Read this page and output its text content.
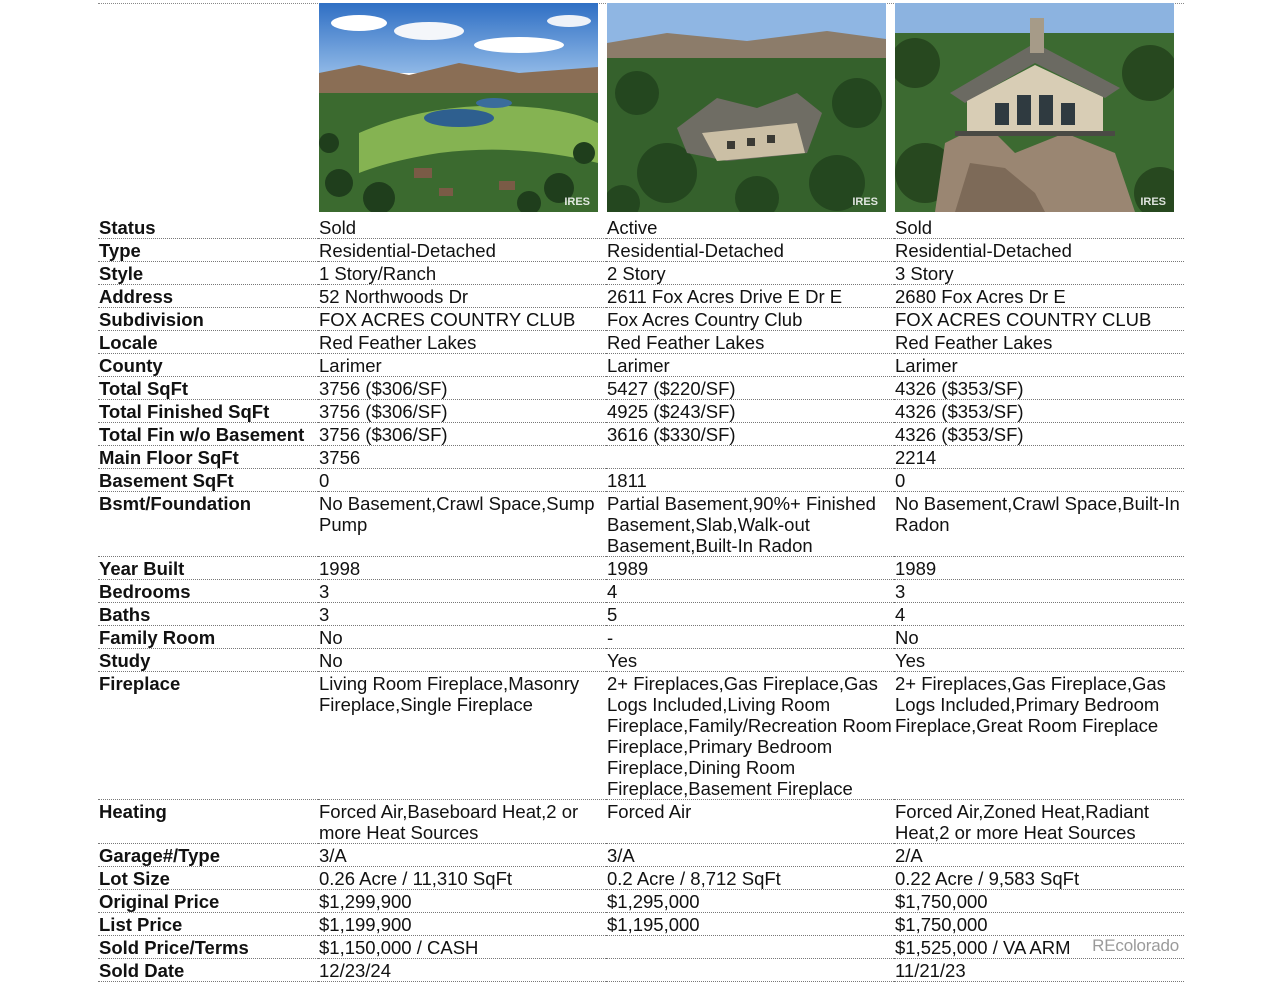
IRES	IRES	IRES
Status	Sold	Active	Sold
Type	Residential-Detached	Residential-Detached	Residential-Detached
Style	1 Story/Ranch	2 Story	3 Story
Address	52 Northwoods Dr	2611 Fox Acres Drive E Dr E	2680 Fox Acres Dr E
Subdivision	FOX ACRES COUNTRY CLUB	Fox Acres Country Club	FOX ACRES COUNTRY CLUB
Locale	Red Feather Lakes	Red Feather Lakes	Red Feather Lakes
County	Larimer	Larimer	Larimer
Total SqFt	3756 ($306/SF)	5427 ($220/SF)	4326 ($353/SF)
Total Finished SqFt	3756 ($306/SF)	4925 ($243/SF)	4326 ($353/SF)
Total Fin w/o Basement	3756 ($306/SF)	3616 ($330/SF)	4326 ($353/SF)
Main Floor SqFt	3756		2214
Basement SqFt	0	1811	0
Bsmt/Foundation	No Basement,Crawl Space,Sump Pump	Partial Basement,90%+ Finished Basement,Slab,Walk-out Basement,Built-In Radon	No Basement,Crawl Space,Built-In Radon
Year Built	1998	1989	1989
Bedrooms	3	4	3
Baths	3	5	4
Family Room	No	-	No
Study	No	Yes	Yes
Fireplace	Living Room Fireplace,Masonry Fireplace,Single Fireplace	2+ Fireplaces,Gas Fireplace,Gas Logs Included,Living Room Fireplace,Family/Recreation Room Fireplace,Primary Bedroom Fireplace,Dining Room Fireplace,Basement Fireplace	2+ Fireplaces,Gas Fireplace,Gas Logs Included,Primary Bedroom Fireplace,Great Room Fireplace
Heating	Forced Air,Baseboard Heat,2 or more Heat Sources	Forced Air	Forced Air,Zoned Heat,Radiant Heat,2 or more Heat Sources
Garage#/Type	3/A	3/A	2/A
Lot Size	0.26 Acre / 11,310 SqFt	0.2 Acre / 8,712 SqFt	0.22 Acre / 9,583 SqFt
Original Price	$1,299,900	$1,295,000	$1,750,000
List Price	$1,199,900	$1,195,000	$1,750,000
Sold Price/Terms	$1,150,000 / CASH		$1,525,000 / VA ARM
Sold Date	12/23/24		11/21/23
REcolorado
